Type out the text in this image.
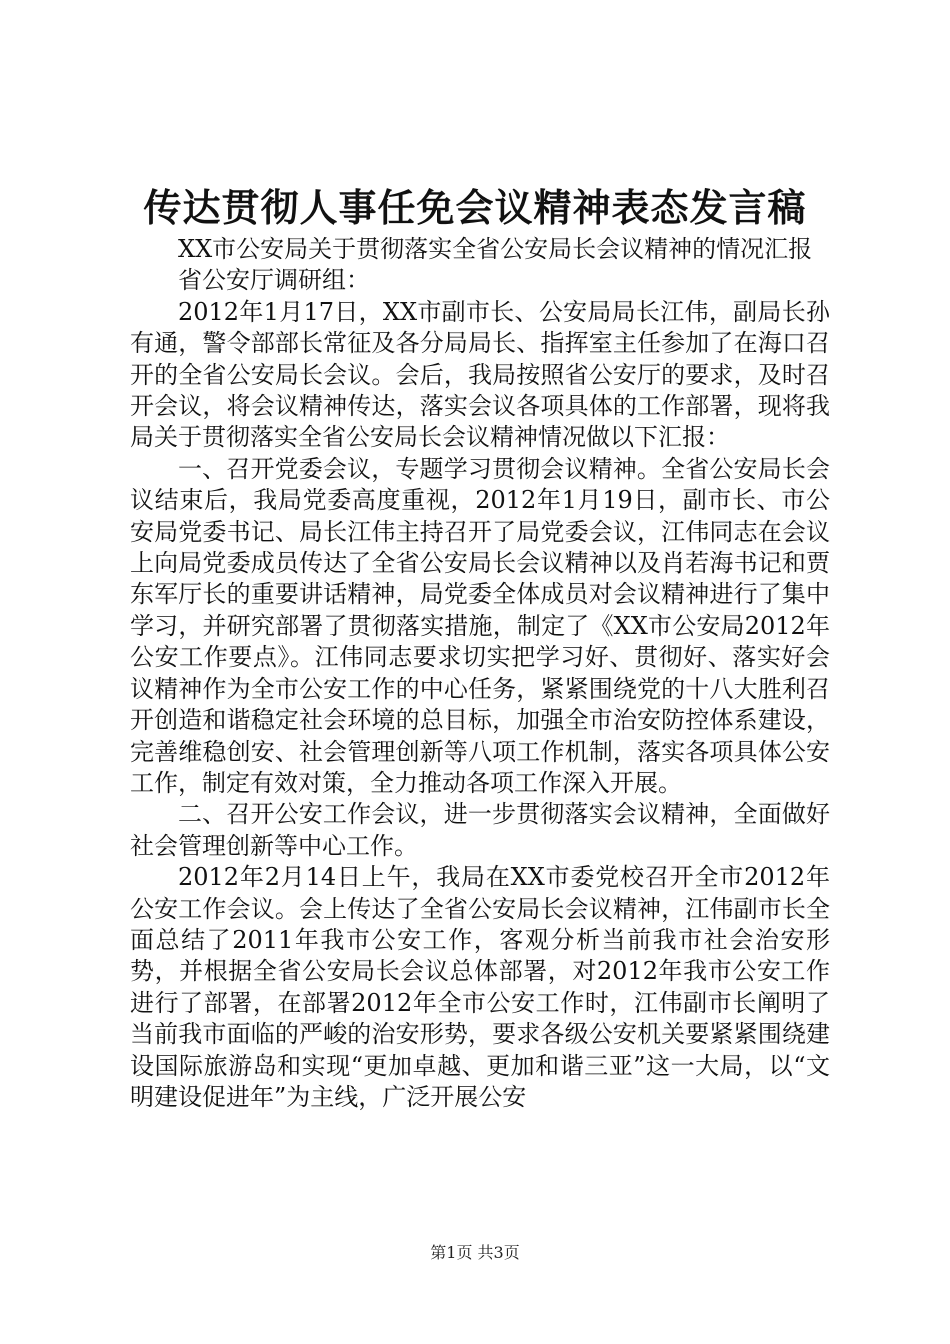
传达贯彻人事任免会议精神表态发言稿

XX市公安局关于贯彻落实全省公安局长会议精神的情况汇报

省公安厅调研组：

2012年1月17日，XX市副市长、公安局局长江伟，副局长孙有通，警令部部长常征及各分局局长、指挥室主任参加了在海口召开的全省公安局长会议。会后，我局按照省公安厅的要求，及时召开会议，将会议精神传达，落实会议各项具体的工作部署，现将我局关于贯彻落实全省公安局长会议精神情况做以下汇报：

一、召开党委会议，专题学习贯彻会议精神。全省公安局长会议结束后，我局党委高度重视，2012年1月19日，副市长、市公安局党委书记、局长江伟主持召开了局党委会议，江伟同志在会议上向局党委成员传达了全省公安局长会议精神以及肖若海书记和贾东军厅长的重要讲话精神，局党委全体成员对会议精神进行了集中学习，并研究部署了贯彻落实措施，制定了《XX市公安局2012年公安工作要点》。江伟同志要求切实把学习好、贯彻好、落实好会议精神作为全市公安工作的中心任务，紧紧围绕党的十八大胜利召开创造和谐稳定社会环境的总目标，加强全市治安防控体系建设，完善维稳创安、社会管理创新等八项工作机制，落实各项具体公安工作，制定有效对策，全力推动各项工作深入开展。

二、召开公安工作会议，进一步贯彻落实会议精神，全面做好社会管理创新等中心工作。

2012年2月14日上午，我局在XX市委党校召开全市2012年公安工作会议。会上传达了全省公安局长会议精神，江伟副市长全面总结了2011年我市公安工作，客观分析当前我市社会治安形势，并根据全省公安局长会议总体部署，对2012年我市公安工作进行了部署，在部署2012年全市公安工作时，江伟副市长阐明了当前我市面临的严峻的治安形势，要求各级公安机关要紧紧围绕建设国际旅游岛和实现“更加卓越、更加和谐三亚”这一大局，以“文明建设促进年”为主线，广泛开展公安

第1页 共3页
